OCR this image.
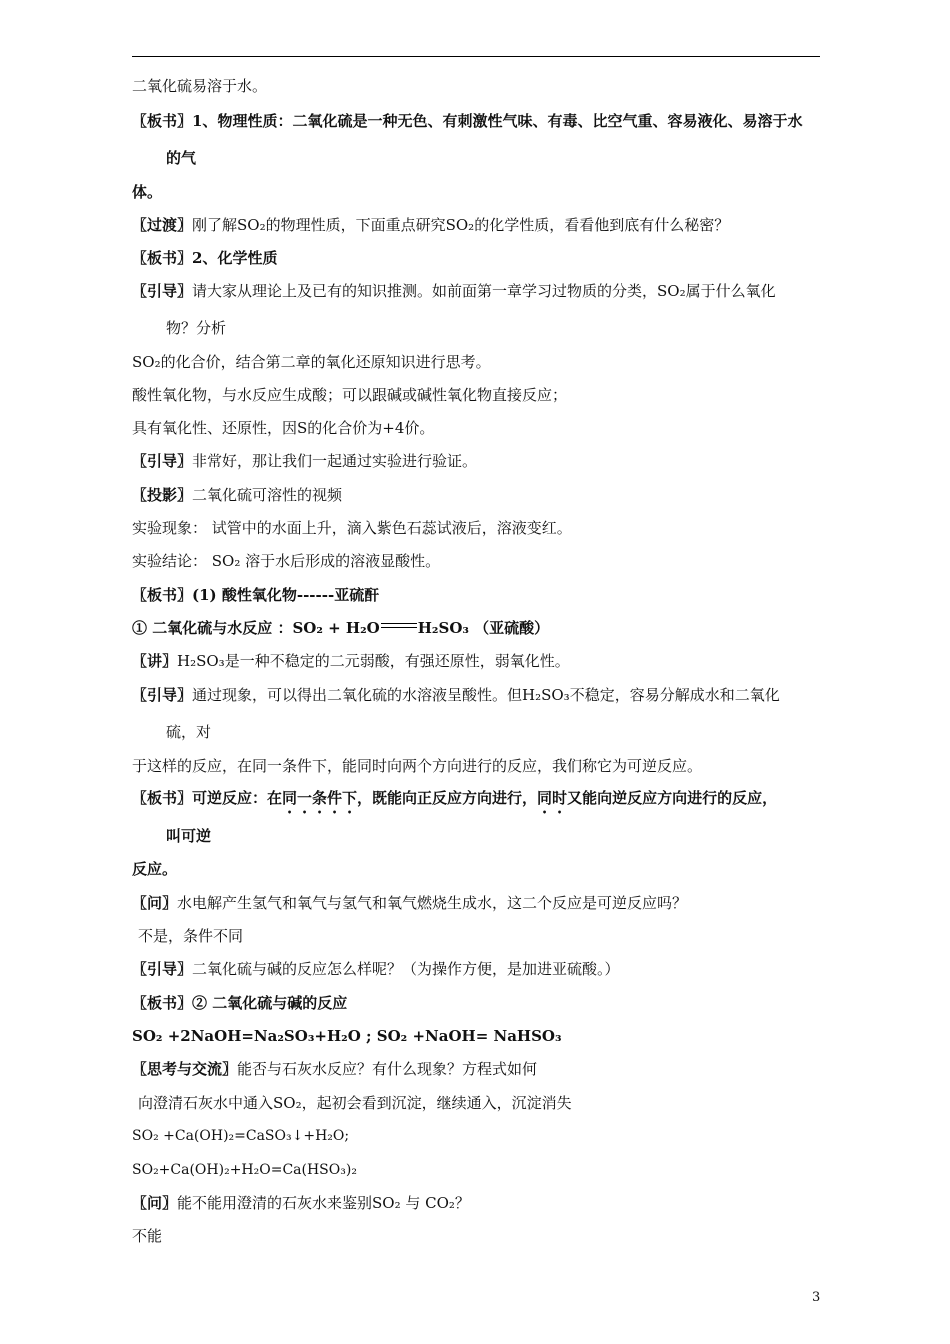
二氧化硫易溶于水。
〖板书〗1、物理性质：二氧化硫是一种无色、有刺激性气味、有毒、比空气重、容易液化、易溶于水
的气
体。
〖过渡〗刚了解SO₂的物理性质，下面重点研究SO₂的化学性质，看看他到底有什么秘密？
〖板书〗2、化学性质
〖引导〗请大家从理论上及已有的知识推测。如前面第一章学习过物质的分类，SO₂属于什么氧化
物？分析
SO₂的化合价，结合第二章的氧化还原知识进行思考。
酸性氧化物，与水反应生成酸；可以跟碱或碱性氧化物直接反应；
具有氧化性、还原性，因S的化合价为+4价。
〖引导〗非常好，那让我们一起通过实验进行验证。
〖投影〗二氧化硫可溶性的视频
实验现象： 试管中的水面上升，滴入紫色石蕊试液后，溶液变红。
实验结论： SO₂ 溶于水后形成的溶液显酸性。
〖板书〗(1) 酸性氧化物------亚硫酐
① 二氧化硫与水反应 ：SO₂ + H₂O	H₂SO₃ （亚硫酸）
〖讲〗H₂SO₃是一种不稳定的二元弱酸，有强还原性，弱氧化性。
〖引导〗通过现象，可以得出二氧化硫的水溶液呈酸性。但H₂SO₃不稳定，容易分解成水和二氧化
硫，对
于这样的反应，在同一条件下，能同时向两个方向进行的反应，我们称它为可逆反应。
〖板书〗可逆反应：在同一条件下，既能向正反应方向进行，同时又能向逆反应方向进行的反应，
叫可逆
反应。
〖问〗水电解产生氢气和氧气与氢气和氧气燃烧生成水，这二个反应是可逆反应吗？
不是，条件不同
〖引导〗二氧化硫与碱的反应怎么样呢？（为操作方便，是加进亚硫酸。）
〖板书〗② 二氧化硫与碱的反应
SO₂ +2NaOH=Na₂SO₃+H₂O ; SO₂ +NaOH= NaHSO₃
〖思考与交流〗能否与石灰水反应？有什么现象？方程式如何
向澄清石灰水中通入SO₂，起初会看到沉淀，继续通入，沉淀消失
SO₂ +Ca(OH)₂=CaSO₃↓+H₂O;
SO₂+Ca(OH)₂+H₂O=Ca(HSO₃)₂
〖问〗能不能用澄清的石灰水来鉴别SO₂ 与 CO₂？
不能
3
